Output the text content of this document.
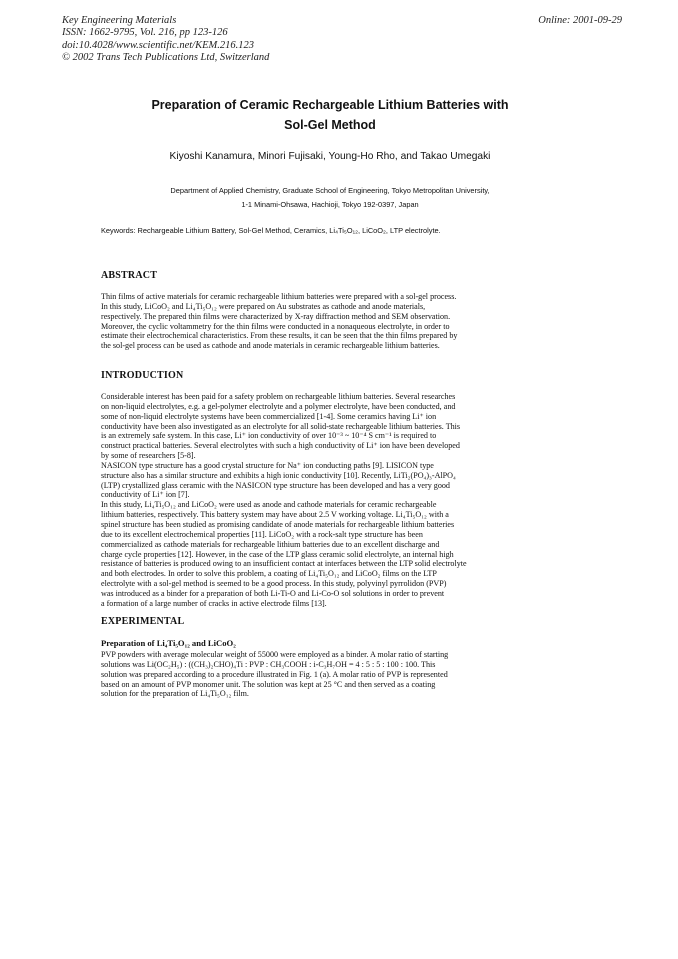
Key Engineering Materials
ISSN: 1662-9795, Vol. 216, pp 123-126
doi:10.4028/www.scientific.net/KEM.216.123
© 2002 Trans Tech Publications Ltd, Switzerland
Online: 2001-09-29
Preparation of Ceramic Rechargeable Lithium Batteries with
Sol-Gel Method
Kiyoshi Kanamura, Minori Fujisaki, Young-Ho Rho, and Takao Umegaki
Department of Applied Chemistry, Graduate School of Engineering, Tokyo Metropolitan University,
1-1 Minami-Ohsawa, Hachioji, Tokyo 192-0397, Japan
Keywords: Rechargeable Lithium Battery, Sol-Gel Method, Ceramics, Li₄Ti₅O₁₂, LiCoO₂, LTP electrolyte.
ABSTRACT
Thin films of active materials for ceramic rechargeable lithium batteries were prepared with a sol-gel process.
In this study, LiCoO₂ and Li₄Ti₅O₁₂ were prepared on Au substrates as cathode and anode materials,
respectively. The prepared thin films were characterized by X-ray diffraction method and SEM observation.
Moreover, the cyclic voltammetry for the thin films were conducted in a nonaqueous electrolyte, in order to
estimate their electrochemical characteristics. From these results, it can be seen that the thin films prepared by
the sol-gel process can be used as cathode and anode materials in ceramic rechargeable lithium batteries.
INTRODUCTION
Considerable interest has been paid for a safety problem on rechargeable lithium batteries. Several researches
on non-liquid electrolytes, e.g. a gel-polymer electrolyte and a polymer electrolyte, have been conducted, and
some of non-liquid electrolyte systems have been commercialized [1-4]. Some ceramics having Li⁺ ion
conductivity have been also investigated as an electrolyte for all solid-state rechargeable lithium batteries. This
is an extremely safe system. In this case, Li⁺ ion conductivity of over 10⁻³ ~ 10⁻⁴ S cm⁻¹ is required to
construct practical batteries. Several electrolytes with such a high conductivity of Li⁺ ion have been developed
by some of researchers [5-8].
NASICON type structure has a good crystal structure for Na⁺ ion conducting paths [9]. LISICON type
structure also has a similar structure and exhibits a high ionic conductivity [10]. Recently, LiTi₂(PO₄)₃-AlPO₄
(LTP) crystallized glass ceramic with the NASICON type structure has been developed and has a very good
conductivity of Li⁺ ion [7].
In this study, Li₄Ti₅O₁₂ and LiCoO₂ were used as anode and cathode materials for ceramic rechargeable
lithium batteries, respectively. This battery system may have about 2.5 V working voltage. Li₄Ti₅O₁₂ with a
spinel structure has been studied as promising candidate of anode materials for rechargeable lithium batteries
due to its excellent electrochemical properties [11]. LiCoO₂ with a rock-salt type structure has been
commercialized as cathode materials for rechargeable lithium batteries due to an excellent discharge and
charge cycle properties [12]. However, in the case of the LTP glass ceramic solid electrolyte, an internal high
resistance of batteries is produced owing to an insufficient contact at interfaces between the LTP solid electrolyte
and both electrodes. In order to solve this problem, a coating of Li₄Ti₅O₁₂ and LiCoO₂ films on the LTP
electrolyte with a sol-gel method is seemed to be a good process. In this study, polyvinyl pyrrolidon (PVP)
was introduced as a binder for a preparation of both Li-Ti-O and Li-Co-O sol solutions in order to prevent
a formation of a large number of cracks in active electrode films [13].
EXPERIMENTAL
Preparation of Li₄Ti₅O₁₂ and LiCoO₂
PVP powders with average molecular weight of 55000 were employed as a binder. A molar ratio of starting
solutions was Li(OC₂H₅) : ((CH₃)₂CHO)₄Ti : PVP : CH₃COOH : i-C₃H₇OH = 4 : 5 : 5 : 100 : 100. This
solution was prepared according to a procedure illustrated in Fig. 1 (a). A molar ratio of PVP is represented
based on an amount of PVP monomer unit. The solution was kept at 25 °C and then served as a coating
solution for the preparation of Li₄Ti₅O₁₂ film.
